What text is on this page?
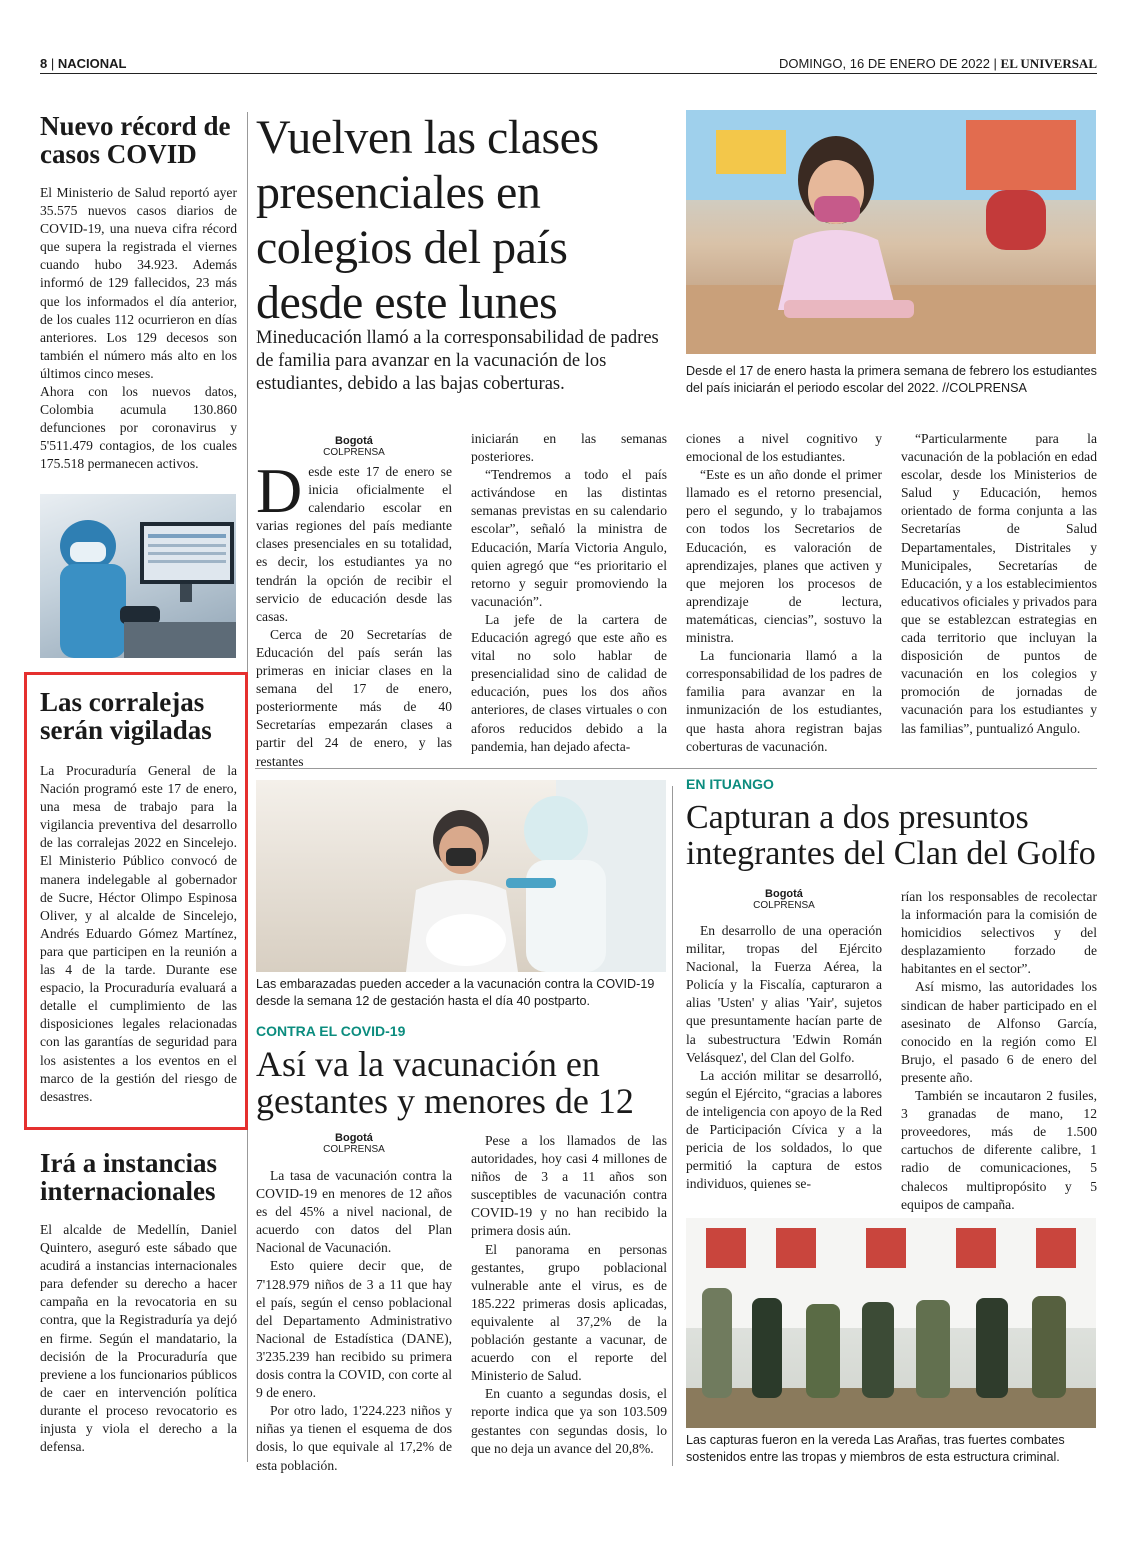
8 | NACIONAL	DOMINGO, 16 DE ENERO DE 2022 | EL UNIVERSAL
Nuevo récord de casos COVID

El Ministerio de Salud reportó ayer 35.575 nuevos casos diarios de COVID-19, una nueva cifra récord que supera la registrada el viernes cuando hubo 34.923. Además informó de 129 fallecidos, 23 más que los informados el día anterior, de los cuales 112 ocurrieron en días anteriores. Los 129 decesos son también el número más alto en los últimos cinco meses.

Ahora con los nuevos datos, Colombia acumula 130.860 defunciones por coronavirus y 5'511.479 contagios, de los cuales 175.518 permanecen activos.

Las corralejas serán vigiladas

La Procuraduría General de la Nación programó este 17 de enero, una mesa de trabajo para la vigilancia preventiva del desarrollo de las corralejas 2022 en Sincelejo. El Ministerio Público convocó de manera indelegable al gobernador de Sucre, Héctor Olimpo Espinosa Oliver, y al alcalde de Sincelejo, Andrés Eduardo Gómez Martínez, para que participen en la reunión a las 4 de la tarde. Durante ese espacio, la Procuraduría evaluará a detalle el cumplimiento de las disposiciones legales relacionadas con las garantías de seguridad para los asistentes a los eventos en el marco de la gestión del riesgo de desastres.

Irá a instancias internacionales

El alcalde de Medellín, Daniel Quintero, aseguró este sábado que acudirá a instancias internacionales para defender su derecho a hacer campaña en la revocatoria en su contra, que la Registraduría ya dejó en firme. Según el mandatario, la decisión de la Procuraduría que previene a los funcionarios públicos de caer en intervención política durante el proceso revocatorio es injusta y viola el derecho a la defensa.

Vuelven las clases presenciales en colegios del país desde este lunes
Mineducación llamó a la corresponsabilidad de padres de familia para avanzar en la vacunación de los estudiantes, debido a las bajas coberturas.
Desde el 17 de enero hasta la primera semana de febrero los estudiantes del país iniciarán el periodo escolar del 2022. //COLPRENSA
Bogotá
COLPRENSA

D esde este 17 de enero se inicia oficialmente el calendario escolar en varias regiones del país mediante clases presenciales en su totalidad, es decir, los estudiantes ya no tendrán la opción de recibir el servicio de educación desde las casas.

Cerca de 20 Secretarías de Educación del país serán las primeras en iniciar clases en la semana del 17 de enero, posteriormente más de 40 Secretarías empezarán clases a partir del 24 de enero, y las restantes

iniciarán en las semanas posteriores.

“Tendremos a todo el país activándose en las distintas semanas previstas en su calendario escolar”, señaló la ministra de Educación, María Victoria Angulo, quien agregó que “es prioritario el retorno y seguir promoviendo la vacunación”.

La jefe de la cartera de Educación agregó que este año es vital no solo hablar de presencialidad sino de calidad de educación, pues los dos años anteriores, de clases virtuales o con aforos reducidos debido a la pandemia, han dejado afecta-

ciones a nivel cognitivo y emocional de los estudiantes.

“Este es un año donde el primer llamado es el retorno presencial, pero el segundo, y lo trabajamos con todos los Secretarios de Educación, es valoración de aprendizajes, planes que activen y que mejoren los procesos de aprendizaje de lectura, matemáticas, ciencias”, sostuvo la ministra.

La funcionaria llamó a la corresponsabilidad de los padres de familia para avanzar en la inmunización de los estudiantes, que hasta ahora registran bajas coberturas de vacunación.

“Particularmente para la vacunación de la población en edad escolar, desde los Ministerios de Salud y Educación, hemos orientado de forma conjunta a las Secretarías de Salud Departamentales, Distritales y Municipales, Secretarías de Educación, y a los establecimientos educativos oficiales y privados para que se establezcan estrategias en cada territorio que incluyan la disposición de puntos de vacunación en los colegios y promoción de jornadas de vacunación para los estudiantes y las familias”, puntualizó Angulo.

Las embarazadas pueden acceder a la vacunación contra la COVID-19 desde la semana 12 de gestación hasta el día 40 postparto.
CONTRA EL COVID-19
Así va la vacunación en gestantes y menores de 12
Bogotá
COLPRENSA

La tasa de vacunación contra la COVID-19 en menores de 12 años es del 45% a nivel nacional, de acuerdo con datos del Plan Nacional de Vacunación.

Esto quiere decir que, de 7'128.979 niños de 3 a 11 que hay el país, según el censo poblacional del Departamento Administrativo Nacional de Estadística (DANE), 3'235.239 han recibido su primera dosis contra la COVID, con corte al 9 de enero.

Por otro lado, 1'224.223 niños y niñas ya tienen el esquema de dos dosis, lo que equivale al 17,2% de esta población.

Pese a los llamados de las autoridades, hoy casi 4 millones de niños de 3 a 11 años son susceptibles de vacunación contra COVID-19 y no han recibido la primera dosis aún.

El panorama en personas gestantes, grupo poblacional vulnerable ante el virus, es de 185.222 primeras dosis aplicadas, equivalente al 37,2% de la población gestante a vacunar, de acuerdo con el reporte del Ministerio de Salud.

En cuanto a segundas dosis, el reporte indica que ya son 103.509 gestantes con segundas dosis, lo que no deja un avance del 20,8%.

EN ITUANGO
Capturan a dos presuntos integrantes del Clan del Golfo
Bogotá
COLPRENSA

En desarrollo de una operación militar, tropas del Ejército Nacional, la Fuerza Aérea, la Policía y la Fiscalía, capturaron a alias 'Usten' y alias 'Yair', sujetos que presuntamente hacían parte de la subestructura 'Edwin Román Velásquez', del Clan del Golfo.

La acción militar se desarrolló, según el Ejército, “gracias a labores de inteligencia con apoyo de la Red de Participación Cívica y a la pericia de los soldados, lo que permitió la captura de estos individuos, quienes se-

rían los responsables de recolectar la información para la comisión de homicidios selectivos y del desplazamiento forzado de habitantes en el sector”.

Así mismo, las autoridades los sindican de haber participado en el asesinato de Alfonso García, conocido en la región como El Brujo, el pasado 6 de enero del presente año.

También se incautaron 2 fusiles, 3 granadas de mano, 12 proveedores, más de 1.500 cartuchos de diferente calibre, 1 radio de comunicaciones, 5 chalecos multipropósito y 5 equipos de campaña.

Las capturas fueron en la vereda Las Arañas, tras fuertes combates sostenidos entre las tropas y miembros de esta estructura criminal.
